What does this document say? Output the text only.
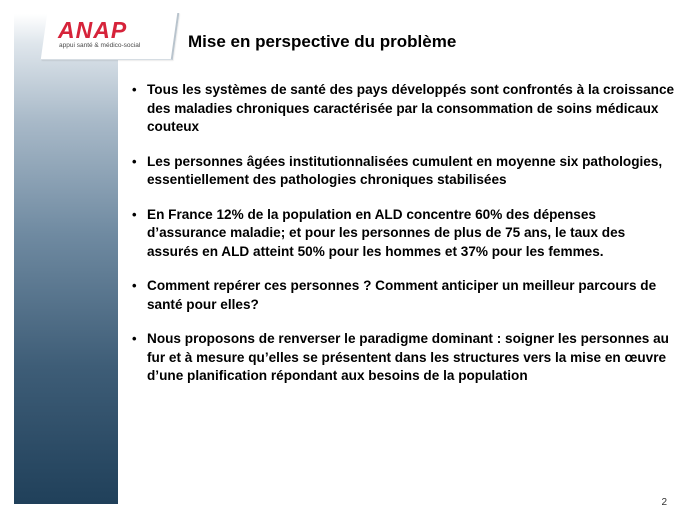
ANAP
appui santé & médico-social	Mise en perspective du problème
• Tous les systèmes de santé des pays développés sont confrontés à la croissance des maladies chroniques caractérisée par la consommation de soins médicaux couteux
• Les personnes âgées institutionnalisées cumulent en moyenne six pathologies, essentiellement des pathologies chroniques stabilisées
• En France 12% de la population en ALD concentre 60% des dépenses d’assurance maladie; et pour les personnes de plus de 75 ans, le taux des assurés en ALD atteint 50% pour les hommes et 37% pour les femmes.
• Comment repérer ces personnes ? Comment anticiper un meilleur parcours de santé pour elles?
• Nous proposons de renverser le paradigme dominant : soigner les personnes au fur et à mesure qu’elles se présentent dans les structures vers la mise en œuvre d’une planification répondant aux besoins de la population
2
